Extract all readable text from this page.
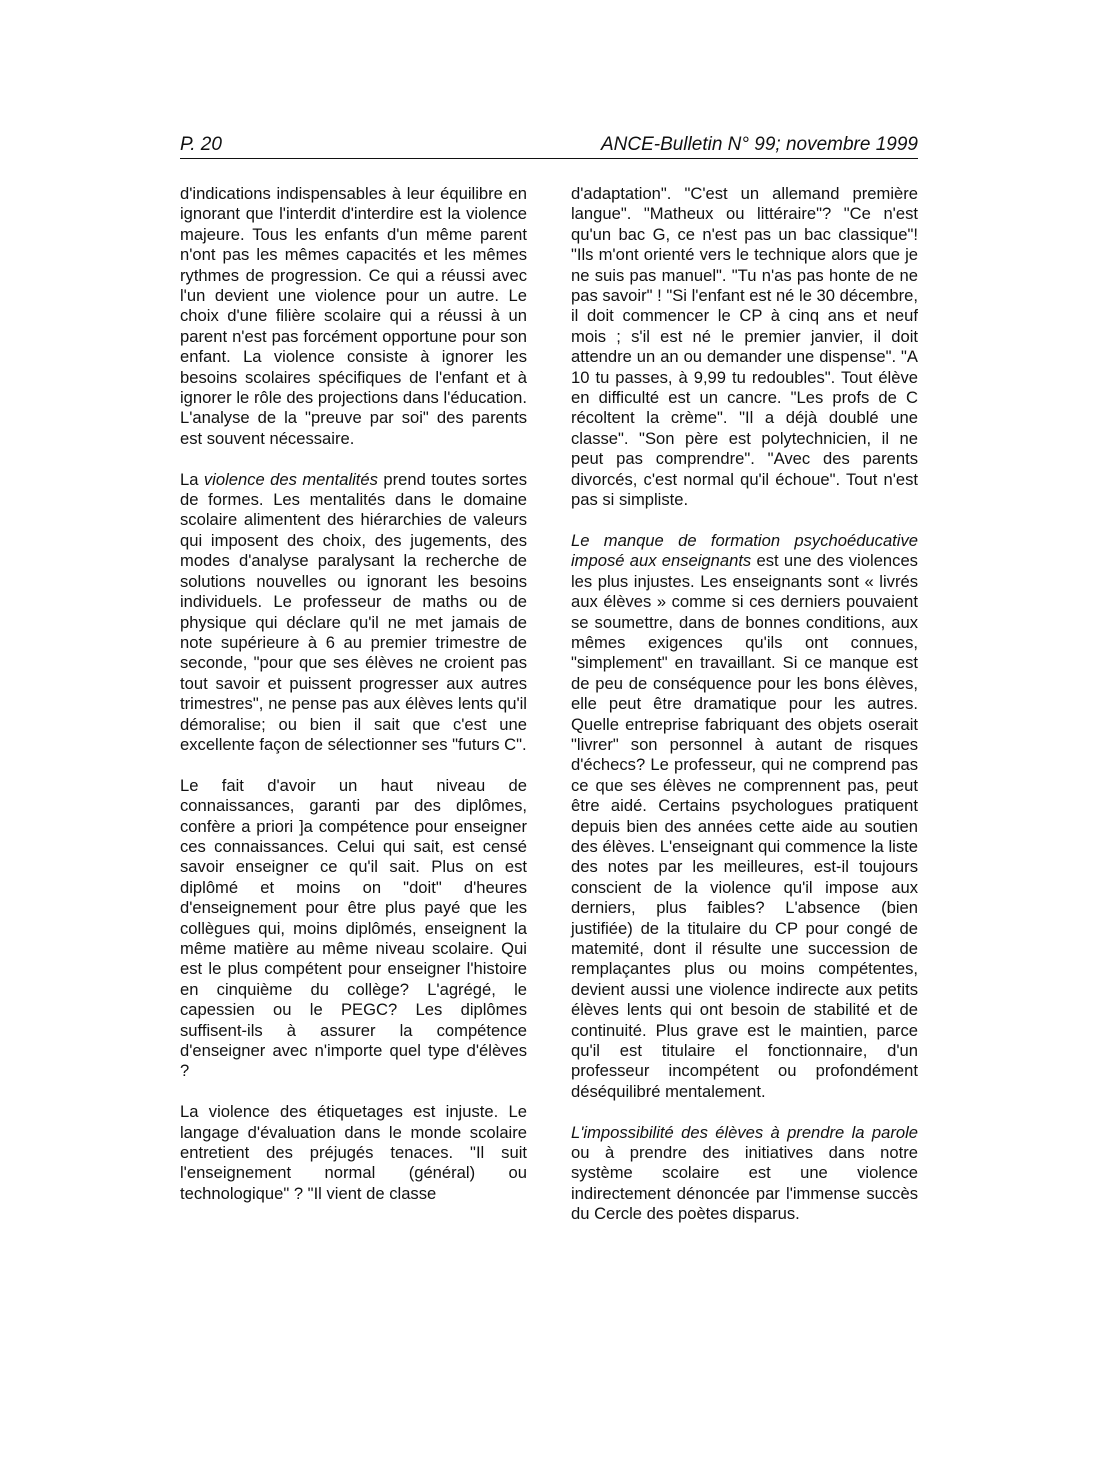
P. 20	ANCE-Bulletin N° 99; novembre 1999

d'indications indispensables à leur équilibre en ignorant que l'interdit d'interdire est la violence majeure. Tous les enfants d'un même parent n'ont pas les mêmes capacités et les mêmes rythmes de progression. Ce qui a réussi avec l'un devient une violence pour un autre. Le choix d'une filière scolaire qui a réussi à un parent n'est pas forcément opportune pour son enfant. La violence consiste à ignorer les besoins scolaires spécifiques de l'enfant et à ignorer le rôle des projections dans l'éducation. L'analyse de la "preuve par soi" des parents est souvent nécessaire.

La violence des mentalités prend toutes sortes de formes. Les mentalités dans le domaine scolaire alimentent des hiérarchies de valeurs qui imposent des choix, des jugements, des modes d'analyse paralysant la recherche de solutions nouvelles ou ignorant les besoins individuels. Le professeur de maths ou de physique qui déclare qu'il ne met jamais de note supérieure à 6 au premier trimestre de seconde, "pour que ses élèves ne croient pas tout savoir et puissent progresser aux autres trimestres", ne pense pas aux élèves lents qu'il démoralise; ou bien il sait que c'est une excellente façon de sélectionner ses "futurs C".

Le fait d'avoir un haut niveau de connaissances, garanti par des diplômes, confère a priori ]a compétence pour enseigner ces connaissances. Celui qui sait, est censé savoir enseigner ce qu'il sait. Plus on est diplômé et moins on "doit" d'heures d'enseignement pour être plus payé que les collègues qui, moins diplômés, enseignent la même matière au même niveau scolaire. Qui est le plus compétent pour enseigner l'histoire en cinquième du collège? L'agrégé, le capessien ou le PEGC? Les diplômes suffisent-ils à assurer la compétence d'enseigner avec n'importe quel type d'élèves ?

La violence des étiquetages est injuste. Le langage d'évaluation dans le monde scolaire entretient des préjugés tenaces. "Il suit l'enseignement normal (général) ou technologique" ? "Il vient de classe

d'adaptation". "C'est un allemand première langue". "Matheux ou littéraire"? "Ce n'est qu'un bac G, ce n'est pas un bac classique"! "Ils m'ont orienté vers le technique alors que je ne suis pas manuel". "Tu n'as pas honte de ne pas savoir" ! "Si l'enfant est né le 30 décembre, il doit commencer le CP à cinq ans et neuf mois ; s'il est né le premier janvier, il doit attendre un an ou demander une dispense". "A 10 tu passes, à 9,99 tu redoubles". Tout élève en difficulté est un cancre. "Les profs de C récoltent la crème". "Il a déjà doublé une classe". "Son père est polytechnicien, il ne peut pas comprendre". "Avec des parents divorcés, c'est normal qu'il échoue". Tout n'est pas si simpliste.

Le manque de formation psychoéducative imposé aux enseignants est une des violences les plus injustes. Les enseignants sont « livrés aux élèves » comme si ces derniers pouvaient se soumettre, dans de bonnes conditions, aux mêmes exigences qu'ils ont connues, "simplement" en travaillant. Si ce manque est de peu de conséquence pour les bons élèves, elle peut être dramatique pour les autres. Quelle entreprise fabriquant des objets oserait "livrer" son personnel à autant de risques d'échecs? Le professeur, qui ne comprend pas ce que ses élèves ne comprennent pas, peut être aidé. Certains psychologues pratiquent depuis bien des années cette aide au soutien des élèves. L'enseignant qui commence la liste des notes par les meilleures, est-il toujours conscient de la violence qu'il impose aux derniers, plus faibles? L'absence (bien justifiée) de la titulaire du CP pour congé de matemité, dont il résulte une succession de remplaçantes plus ou moins compétentes, devient aussi une violence indirecte aux petits élèves lents qui ont besoin de stabilité et de continuité. Plus grave est le maintien, parce qu'il est titulaire el fonctionnaire, d'un professeur incompétent ou profondément déséquilibré mentalement.

L'impossibilité des élèves à prendre la parole ou à prendre des initiatives dans notre système scolaire est une violence indirectement dénoncée par l'immense succès du Cercle des poètes disparus.
